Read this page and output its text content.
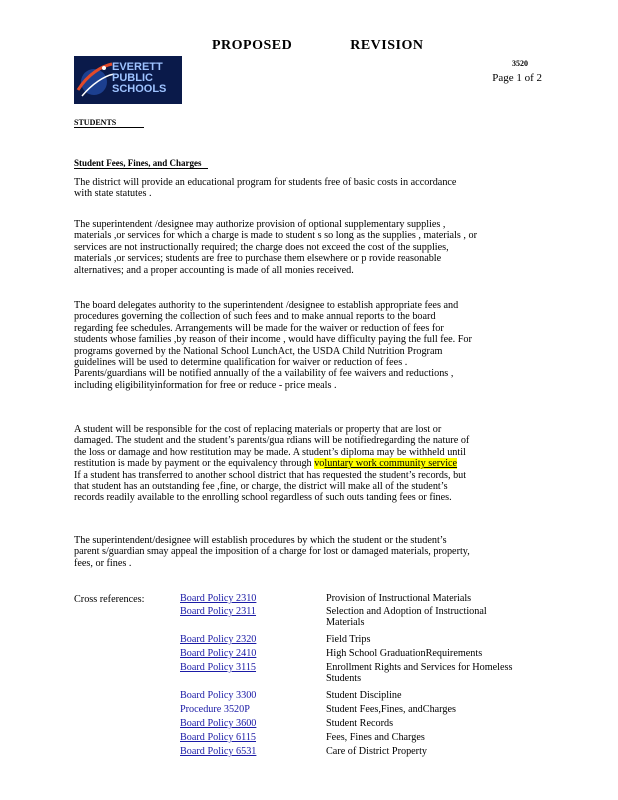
PROPOSED	REVISION
3520
Page 1 of 2
EVERETT
PUBLIC
SCHOOLS
STUDENTS
Student Fees, Fines, and Charges
The district will provide an educational program for students free of basic costs in accordance
with state statutes .
The superintendent /designee may authorize provision of optional supplementary supplies ,
materials ,or services for which a charge is made to student s so long as the supplies , materials , or
services are not instructionally required; the charge does not exceed the cost of the supplies,
materials ,or services; students are free to purchase them elsewhere or p rovide reasonable
alternatives; and a proper accounting is made of all monies received.
The board delegates authority to the superintendent /designee to establish appropriate fees and
procedures governing the collection of such fees and to make annual reports to the board
regarding fee schedules. Arrangements will be made for the waiver or reduction of fees for
students whose families ,by reason of their income , would have difficulty paying the full fee. For
programs governed by the National School LunchAct, the USDA Child Nutrition Program
guidelines will be used to determine qualification for waiver or reduction of fees .
Parents/guardians will be notified annually of the a vailability of fee waivers and reductions ,
including eligibilityinformation for free or reduce - price meals .
A student will be responsible for the cost of replacing materials or property that are lost or
damaged. The student and the student’s parents/gua rdians will be notifiedregarding the nature of
the loss or damage and how restitution may be made. A student’s diploma may be withheld until
restitution is made by payment or the equivalency through voluntary work community service
If a student has transferred to another school district that has requested the student’s records, but
that student has an outstanding fee ,fine, or charge, the district will make all of the student’s
records readily available to the enrolling school regardless of such outs tanding fees or fines.
The superintendent/designee will establish procedures by which the student or the student’s
parent s/guardian smay appeal the imposition of a charge for lost or damaged materials, property,
fees, or fines .
Cross references:	Board Policy 2310	Provision of Instructional Materials
Board Policy 2311	Selection and Adoption of Instructional Materials
Board Policy 2320	Field Trips
Board Policy 2410	High School GraduationRequirements
Board Policy 3115	Enrollment Rights and Services for Homeless Students
Board Policy 3300	Student Discipline
Procedure 3520P	Student Fees,Fines, andCharges
Board Policy 3600	Student Records
Board Policy 6115	Fees, Fines and Charges
Board Policy 6531	Care of District Property
